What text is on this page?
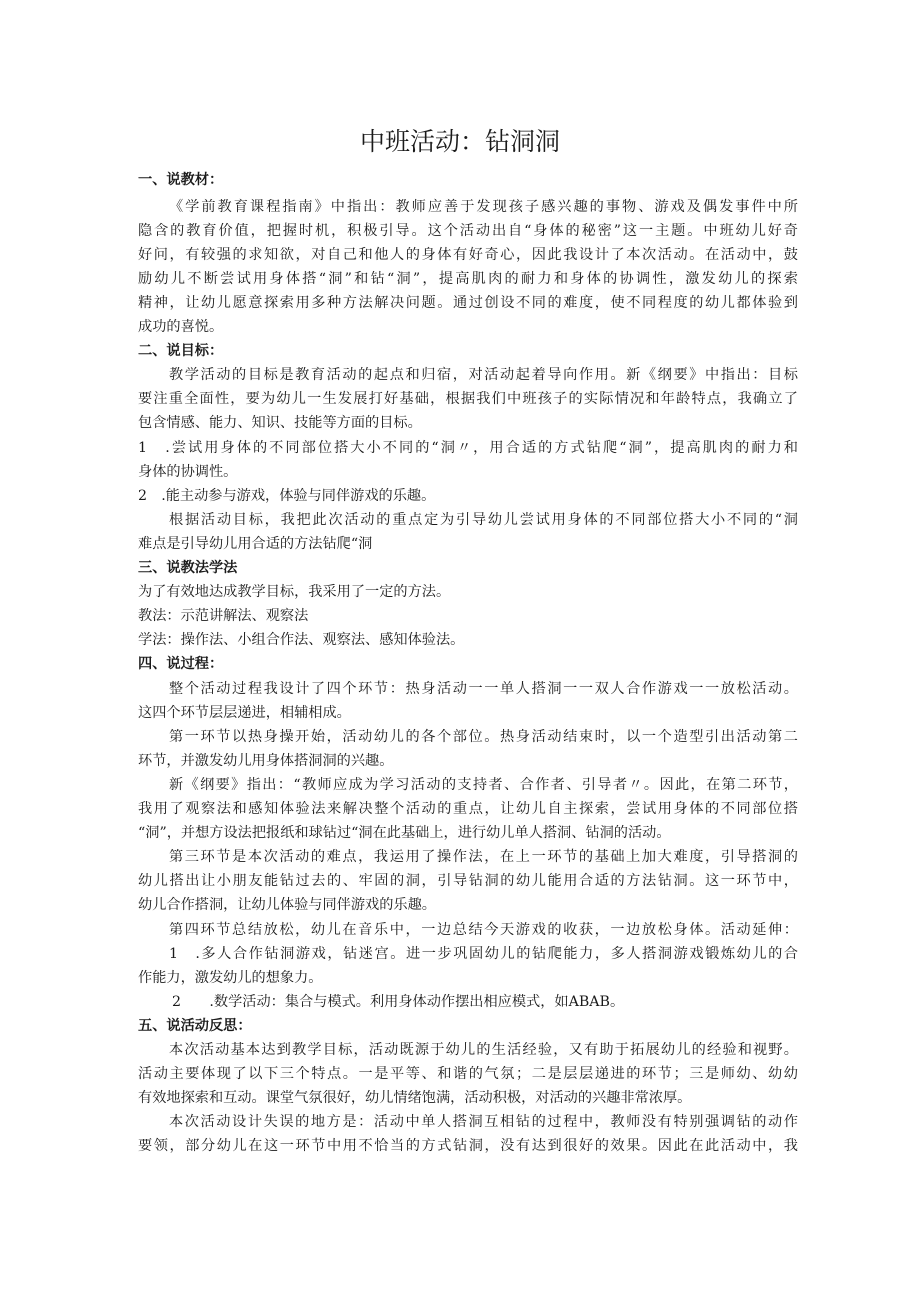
中班活动：钻洞洞
一、说教材：
《学前教育课程指南》中指出：教师应善于发现孩子感兴趣的事物、游戏及偶发事件中所
隐含的教育价值，把握时机，积极引导。这个活动出自“身体的秘密”这一主题。中班幼儿好奇
好问，有较强的求知欲，对自己和他人的身体有好奇心，因此我设计了本次活动。在活动中，鼓
励幼儿不断尝试用身体搭“洞”和钻“洞”，提高肌肉的耐力和身体的协调性，激发幼儿的探索
精神，让幼儿愿意探索用多种方法解决问题。通过创设不同的难度，使不同程度的幼儿都体验到
成功的喜悦。
二、说目标：
教学活动的目标是教育活动的起点和归宿，对活动起着导向作用。新《纲要》中指出：目标
要注重全面性，要为幼儿一生发展打好基础，根据我们中班孩子的实际情况和年龄特点，我确立了
包含情感、能力、知识、技能等方面的目标。
1　.尝试用身体的不同部位搭大小不同的“洞〃，用合适的方式钻爬“洞”，提高肌肉的耐力和
身体的协调性。
2　.能主动参与游戏，体验与同伴游戏的乐趣。
根据活动目标，我把此次活动的重点定为引导幼儿尝试用身体的不同部位搭大小不同的“洞
难点是引导幼儿用合适的方法钻爬“洞
三、说教法学法
为了有效地达成教学目标，我采用了一定的方法。
教法：示范讲解法、观察法
学法：操作法、小组合作法、观察法、感知体验法。
四、说过程：
整个活动过程我设计了四个环节：热身活动一一单人搭洞一一双人合作游戏一一放松活动。
这四个环节层层递进，相辅相成。
第一环节以热身操开始，活动幼儿的各个部位。热身活动结束时，以一个造型引出活动第二
环节，并激发幼儿用身体搭洞洞的兴趣。
新《纲要》指出：“教师应成为学习活动的支持者、合作者、引导者〃。因此，在第二环节，
我用了观察法和感知体验法来解决整个活动的重点，让幼儿自主探索，尝试用身体的不同部位搭
“洞”，并想方设法把报纸和球钻过“洞在此基础上，进行幼儿单人搭洞、钻洞的活动。
第三环节是本次活动的难点，我运用了操作法，在上一环节的基础上加大难度，引导搭洞的
幼儿搭出让小朋友能钻过去的、牢固的洞，引导钻洞的幼儿能用合适的方法钻洞。这一环节中，
幼儿合作搭洞，让幼儿体验与同伴游戏的乐趣。
第四环节总结放松，幼儿在音乐中，一边总结今天游戏的收获，一边放松身体。活动延伸：
1　.多人合作钻洞游戏，钻迷宫。进一步巩固幼儿的钻爬能力，多人搭洞游戏锻炼幼儿的合
作能力，激发幼儿的想象力。
2　　.数学活动：集合与模式。利用身体动作摆出相应模式，如ABAB。
五、说活动反思：
本次活动基本达到教学目标，活动既源于幼儿的生活经验，又有助于拓展幼儿的经验和视野。
活动主要体现了以下三个特点。一是平等、和谐的气氛；二是层层递进的环节；三是师幼、幼幼
有效地探索和互动。课堂气氛很好，幼儿情绪饱满，活动积极，对活动的兴趣非常浓厚。
本次活动设计失误的地方是：活动中单人搭洞互相钻的过程中，教师没有特别强调钻的动作
要领，部分幼儿在这一环节中用不恰当的方式钻洞，没有达到很好的效果。因此在此活动中，我
